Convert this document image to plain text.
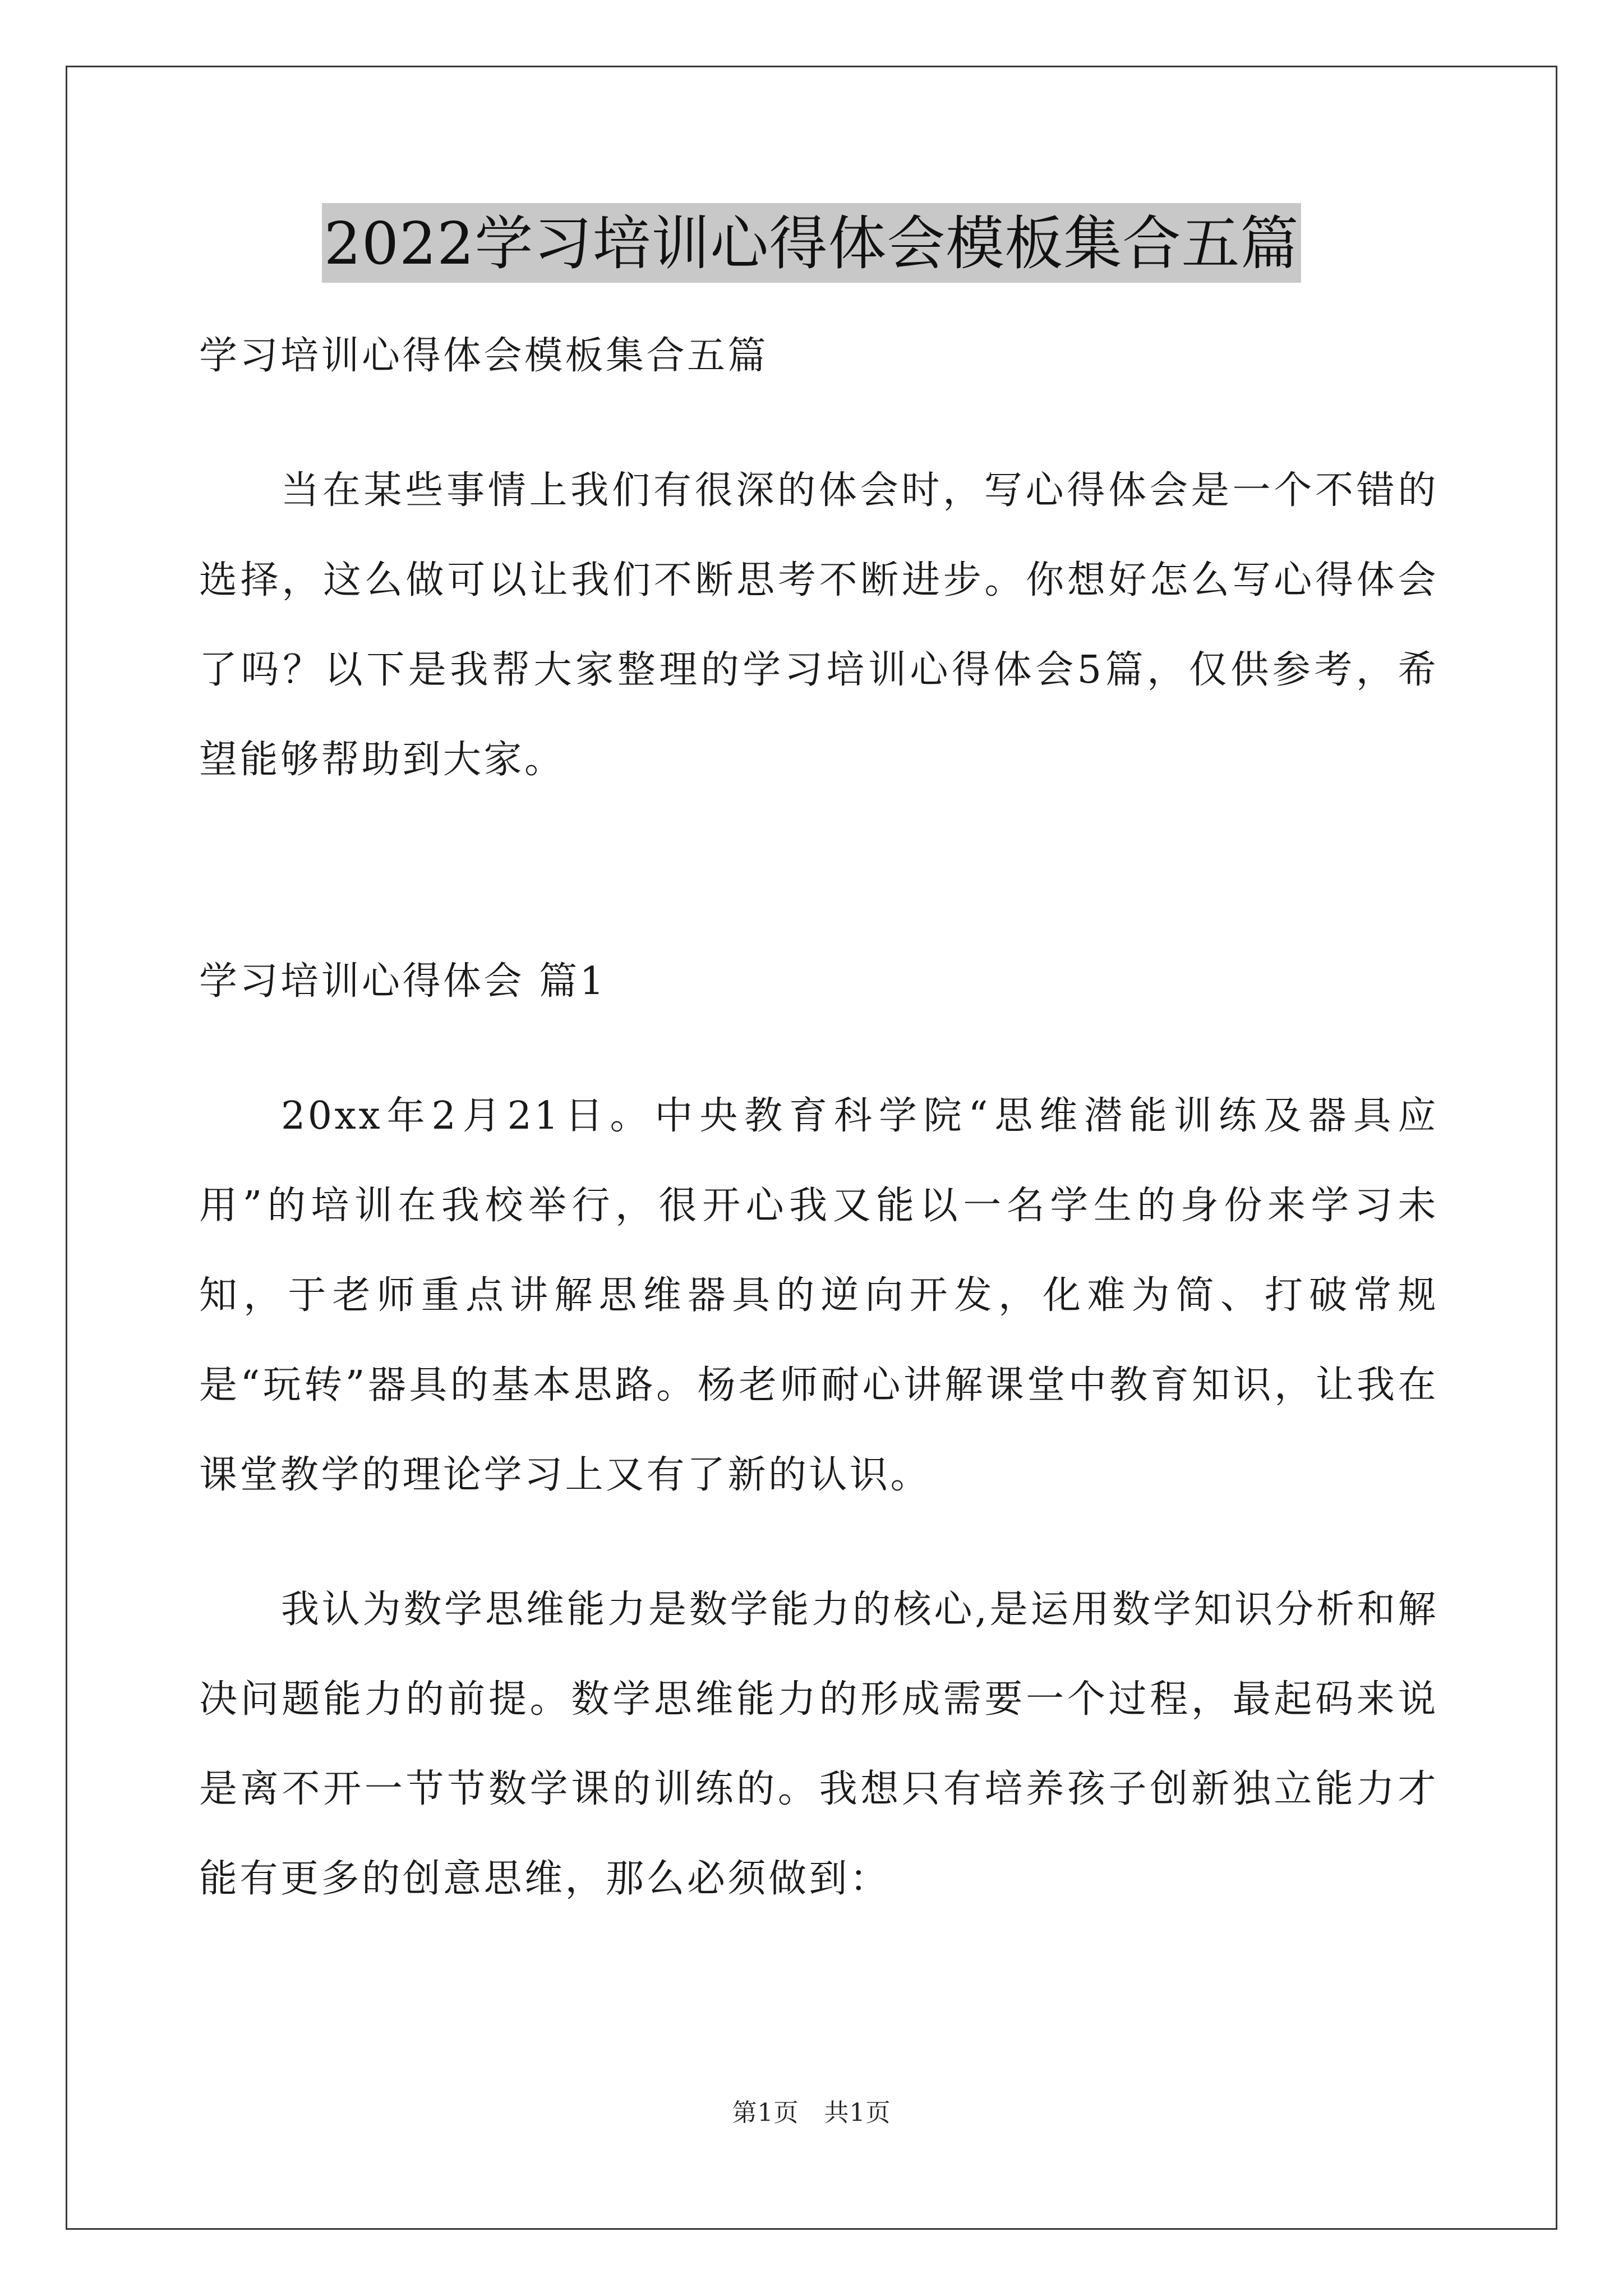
2022学习培训心得体会模板集合五篇

学习培训心得体会模板集合五篇

当在某些事情上我们有很深的体会时，写心得体会是一个不错的选择，这么做可以让我们不断思考不断进步。你想好怎么写心得体会了吗？以下是我帮大家整理的学习培训心得体会5篇，仅供参考，希望能够帮助到大家。

学习培训心得体会 篇1

20xx年2月21日。中央教育科学院“思维潜能训练及器具应用”的培训在我校举行，很开心我又能以一名学生的身份来学习未知，于老师重点讲解思维器具的逆向开发，化难为简、打破常规是“玩转”器具的基本思路。杨老师耐心讲解课堂中教育知识，让我在课堂教学的理论学习上又有了新的认识。

我认为数学思维能力是数学能力的核心,是运用数学知识分析和解决问题能力的前提。数学思维能力的形成需要一个过程，最起码来说是离不开一节节数学课的训练的。我想只有培养孩子创新独立能力才能有更多的创意思维，那么必须做到：

第1页　共1页
